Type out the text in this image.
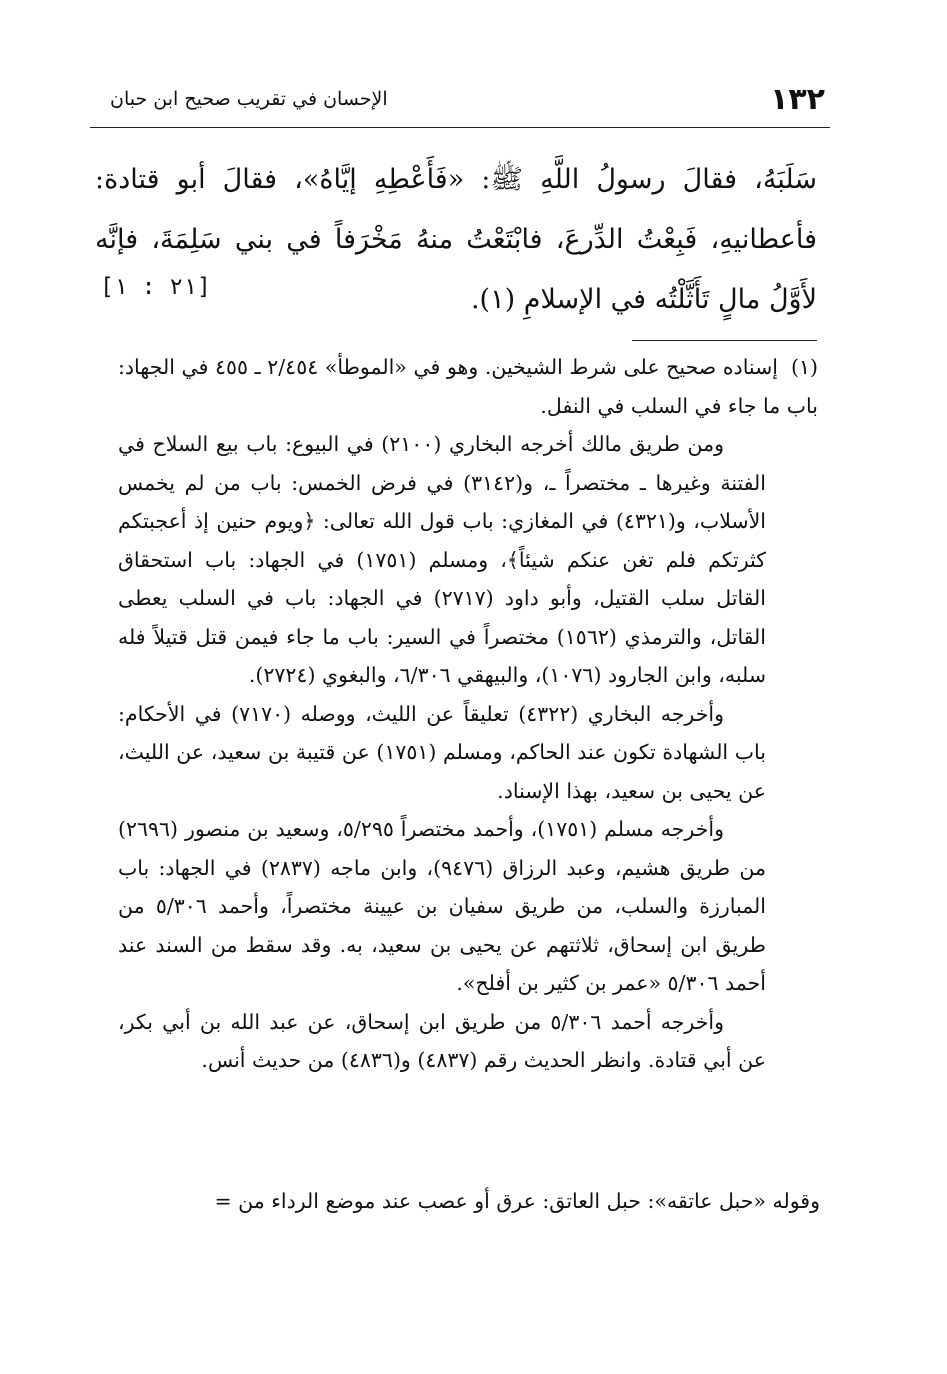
١٣٢
الإحسان في تقريب صحيح ابن حبان

سَلَبَهُ، فقالَ رسولُ اللَّهِ ﷺ: «فَأَعْطِهِ إيَّاهُ»، فقالَ أبو قتادة: فأعطانيهِ، فَبِعْتُ الدِّرعَ، فابْتَعْتُ منهُ مَخْرَفاً في بني سَلِمَةَ، فإنَّه لأَوَّلُ مالٍ تَأَثَّلْتُه في الإسلامِ (١).

[٢١ : ١]

(١)إسناده صحيح على شرط الشيخين. وهو في «الموطأ» ٢/٤٥٤ ـ ٤٥٥ في الجهاد: باب ما جاء في السلب في النفل.

ومن طريق مالك أخرجه البخاري (٢١٠٠) في البيوع: باب بيع السلاح في الفتنة وغيرها ـ مختصراً ـ، و(٣١٤٢) في فرض الخمس: باب من لم يخمس الأسلاب، و(٤٣٢١) في المغازي: باب قول الله تعالى: ﴿ويوم حنين إذ أعجبتكم كثرتكم فلم تغن عنكم شيئاً﴾، ومسلم (١٧٥١) في الجهاد: باب استحقاق القاتل سلب القتيل، وأبو داود (٢٧١٧) في الجهاد: باب في السلب يعطى القاتل، والترمذي (١٥٦٢) مختصراً في السير: باب ما جاء فيمن قتل قتيلاً فله سلبه، وابن الجارود (١٠٧٦)، والبيهقي ٦/٣٠٦، والبغوي (٢٧٢٤).

وأخرجه البخاري (٤٣٢٢) تعليقاً عن الليث، ووصله (٧١٧٠) في الأحكام: باب الشهادة تكون عند الحاكم، ومسلم (١٧٥١) عن قتيبة بن سعيد، عن الليث، عن يحيى بن سعيد، بهذا الإسناد.

وأخرجه مسلم (١٧٥١)، وأحمد مختصراً ٥/٢٩٥، وسعيد بن منصور (٢٦٩٦) من طريق هشيم، وعبد الرزاق (٩٤٧٦)، وابن ماجه (٢٨٣٧) في الجهاد: باب المبارزة والسلب، من طريق سفيان بن عيينة مختصراً، وأحمد ٥/٣٠٦ من طريق ابن إسحاق، ثلاثتهم عن يحيى بن سعيد، به. وقد سقط من السند عند أحمد ٥/٣٠٦ «عمر بن كثير بن أفلح».

وأخرجه أحمد ٥/٣٠٦ من طريق ابن إسحاق، عن عبد الله بن أبي بكر، عن أبي قتادة. وانظر الحديث رقم (٤٨٣٧) و(٤٨٣٦) من حديث أنس.

وقوله «حبل عاتقه»: حبل العاتق: عرق أو عصب عند موضع الرداء من =
